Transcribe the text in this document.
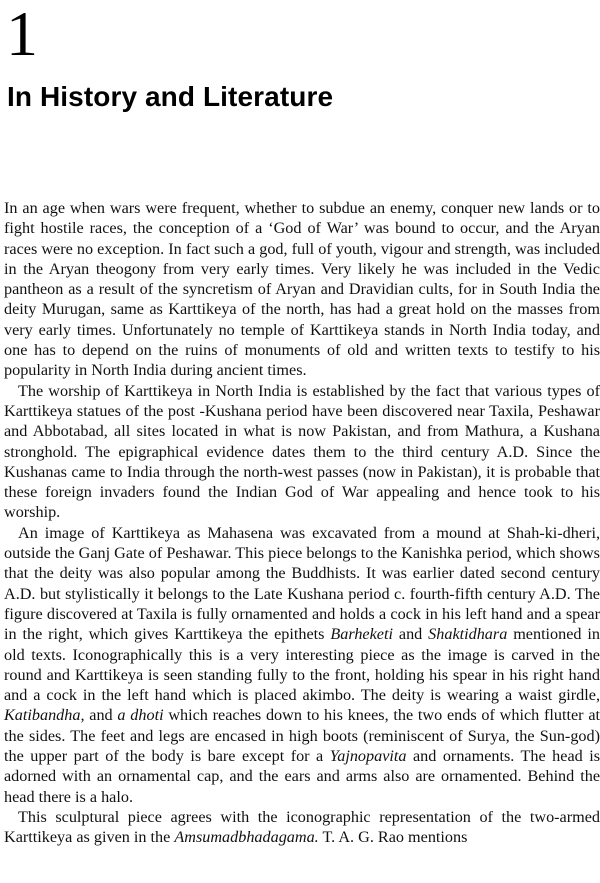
1
In History and Literature

In an age when wars were frequent, whether to subdue an enemy, conquer new lands or to fight hostile races, the conception of a ‘God of War’ was bound to occur, and the Aryan races were no exception. In fact such a god, full of youth, vigour and strength, was included in the Aryan theogony from very early times. Very likely he was included in the Vedic pantheon as a result of the syncretism of Aryan and Dravidian cults, for in South India the deity Murugan, same as Karttikeya of the north, has had a great hold on the masses from very early times. Unfortunately no temple of Karttikeya stands in North India today, and one has to depend on the ruins of monuments of old and written texts to testify to his popularity in North India during ancient times.

The worship of Karttikeya in North India is established by the fact that various types of Karttikeya statues of the post -Kushana period have been discovered near Taxila, Peshawar and Abbotabad, all sites located in what is now Pakistan, and from Mathura, a Kushana stronghold. The epigraphical evidence dates them to the third century A.D. Since the Kushanas came to India through the north-west passes (now in Pakistan), it is probable that these foreign invaders found the Indian God of War appealing and hence took to his worship.

An image of Karttikeya as Mahasena was excavated from a mound at Shah-ki-dheri, outside the Ganj Gate of Peshawar. This piece belongs to the Kanishka period, which shows that the deity was also popular among the Buddhists. It was earlier dated second century A.D. but stylistically it belongs to the Late Kushana period c. fourth-fifth century A.D. The figure discovered at Taxila is fully ornamented and holds a cock in his left hand and a spear in the right, which gives Karttikeya the epithets Barheketi and Shaktidhara mentioned in old texts. Iconographically this is a very interesting piece as the image is carved in the round and Karttikeya is seen standing fully to the front, holding his spear in his right hand and a cock in the left hand which is placed akimbo. The deity is wearing a waist girdle, Katibandha, and a dhoti which reaches down to his knees, the two ends of which flutter at the sides. The feet and legs are encased in high boots (reminiscent of Surya, the Sun-god) the upper part of the body is bare except for a Yajnopavita and ornaments. The head is adorned with an ornamental cap, and the ears and arms also are ornamented. Behind the head there is a halo.

This sculptural piece agrees with the iconographic representation of the two-armed Karttikeya as given in the Amsumadbhadagama. T. A. G. Rao mentions
